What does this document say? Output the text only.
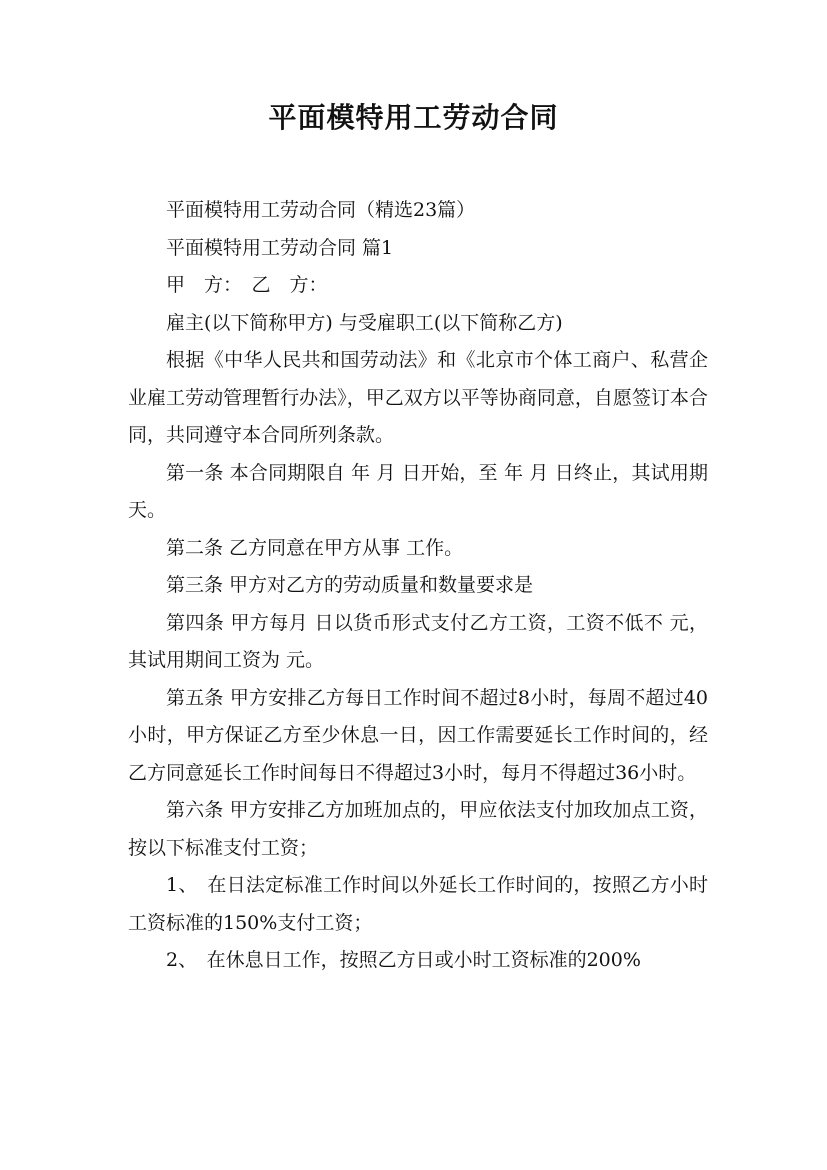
平面模特用工劳动合同

平面模特用工劳动合同（精选23篇）

平面模特用工劳动合同 篇1

甲　方：　乙　方：

雇主(以下简称甲方) 与受雇职工(以下简称乙方)

根据《中华人民共和国劳动法》和《北京市个体工商户、私营企业雇工劳动管理暂行办法》，甲乙双方以平等协商同意，自愿签订本合同，共同遵守本合同所列条款。

第一条 本合同期限自 年 月 日开始，至 年 月 日终止，其试用期 天。

第二条 乙方同意在甲方从事 工作。

第三条 甲方对乙方的劳动质量和数量要求是

第四条 甲方每月 日以货币形式支付乙方工资，工资不低不 元，其试用期间工资为 元。

第五条 甲方安排乙方每日工作时间不超过8小时，每周不超过40小时，甲方保证乙方至少休息一日，因工作需要延长工作时间的，经乙方同意延长工作时间每日不得超过3小时，每月不得超过36小时。

第六条 甲方安排乙方加班加点的，甲应依法支付加玫加点工资，按以下标准支付工资；

1、　在日法定标准工作时间以外延长工作时间的，按照乙方小时工资标准的150%支付工资；

2、　在休息日工作，按照乙方日或小时工资标准的200%
